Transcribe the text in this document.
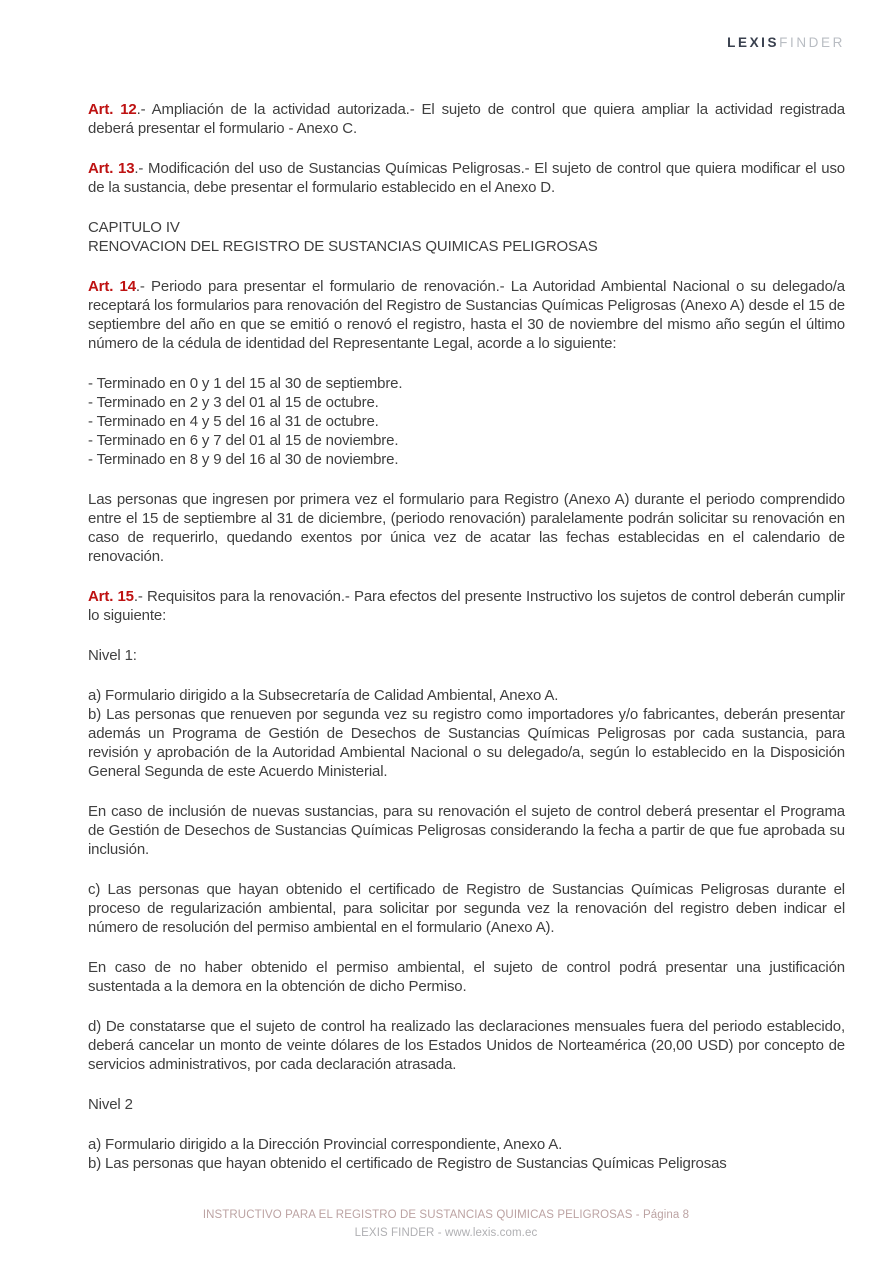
LEXISFINDER

Art. 12.- Ampliación de la actividad autorizada.- El sujeto de control que quiera ampliar la actividad registrada deberá presentar el formulario - Anexo C.

Art. 13.- Modificación del uso de Sustancias Químicas Peligrosas.- El sujeto de control que quiera modificar el uso de la sustancia, debe presentar el formulario establecido en el Anexo D.

CAPITULO IV
RENOVACION DEL REGISTRO DE SUSTANCIAS QUIMICAS PELIGROSAS

Art. 14.- Periodo para presentar el formulario de renovación.- La Autoridad Ambiental Nacional o su delegado/a receptará los formularios para renovación del Registro de Sustancias Químicas Peligrosas (Anexo A) desde el 15 de septiembre del año en que se emitió o renovó el registro, hasta el 30 de noviembre del mismo año según el último número de la cédula de identidad del Representante Legal, acorde a lo siguiente:

- Terminado en 0 y 1 del 15 al 30 de septiembre.
- Terminado en 2 y 3 del 01 al 15 de octubre.
- Terminado en 4 y 5 del 16 al 31 de octubre.
- Terminado en 6 y 7 del 01 al 15 de noviembre.
- Terminado en 8 y 9 del 16 al 30 de noviembre.

Las personas que ingresen por primera vez el formulario para Registro (Anexo A) durante el periodo comprendido entre el 15 de septiembre al 31 de diciembre, (periodo renovación) paralelamente podrán solicitar su renovación en caso de requerirlo, quedando exentos por única vez de acatar las fechas establecidas en el calendario de renovación.

Art. 15.- Requisitos para la renovación.- Para efectos del presente Instructivo los sujetos de control deberán cumplir lo siguiente:

Nivel 1:
a) Formulario dirigido a la Subsecretaría de Calidad Ambiental, Anexo A.

b) Las personas que renueven por segunda vez su registro como importadores y/o fabricantes, deberán presentar además un Programa de Gestión de Desechos de Sustancias Químicas Peligrosas por cada sustancia, para revisión y aprobación de la Autoridad Ambiental Nacional o su delegado/a, según lo establecido en la Disposición General Segunda de este Acuerdo Ministerial.

En caso de inclusión de nuevas sustancias, para su renovación el sujeto de control deberá presentar el Programa de Gestión de Desechos de Sustancias Químicas Peligrosas considerando la fecha a partir de que fue aprobada su inclusión.

c) Las personas que hayan obtenido el certificado de Registro de Sustancias Químicas Peligrosas durante el proceso de regularización ambiental, para solicitar por segunda vez la renovación del registro deben indicar el número de resolución del permiso ambiental en el formulario (Anexo A).

En caso de no haber obtenido el permiso ambiental, el sujeto de control podrá presentar una justificación sustentada a la demora en la obtención de dicho Permiso.

d) De constatarse que el sujeto de control ha realizado las declaraciones mensuales fuera del periodo establecido, deberá cancelar un monto de veinte dólares de los Estados Unidos de Norteamérica (20,00 USD) por concepto de servicios administrativos, por cada declaración atrasada.

Nivel 2
a) Formulario dirigido a la Dirección Provincial correspondiente, Anexo A.
b) Las personas que hayan obtenido el certificado de Registro de Sustancias Químicas Peligrosas
INSTRUCTIVO PARA EL REGISTRO DE SUSTANCIAS QUIMICAS PELIGROSAS - Página 8
LEXIS FINDER - www.lexis.com.ec
